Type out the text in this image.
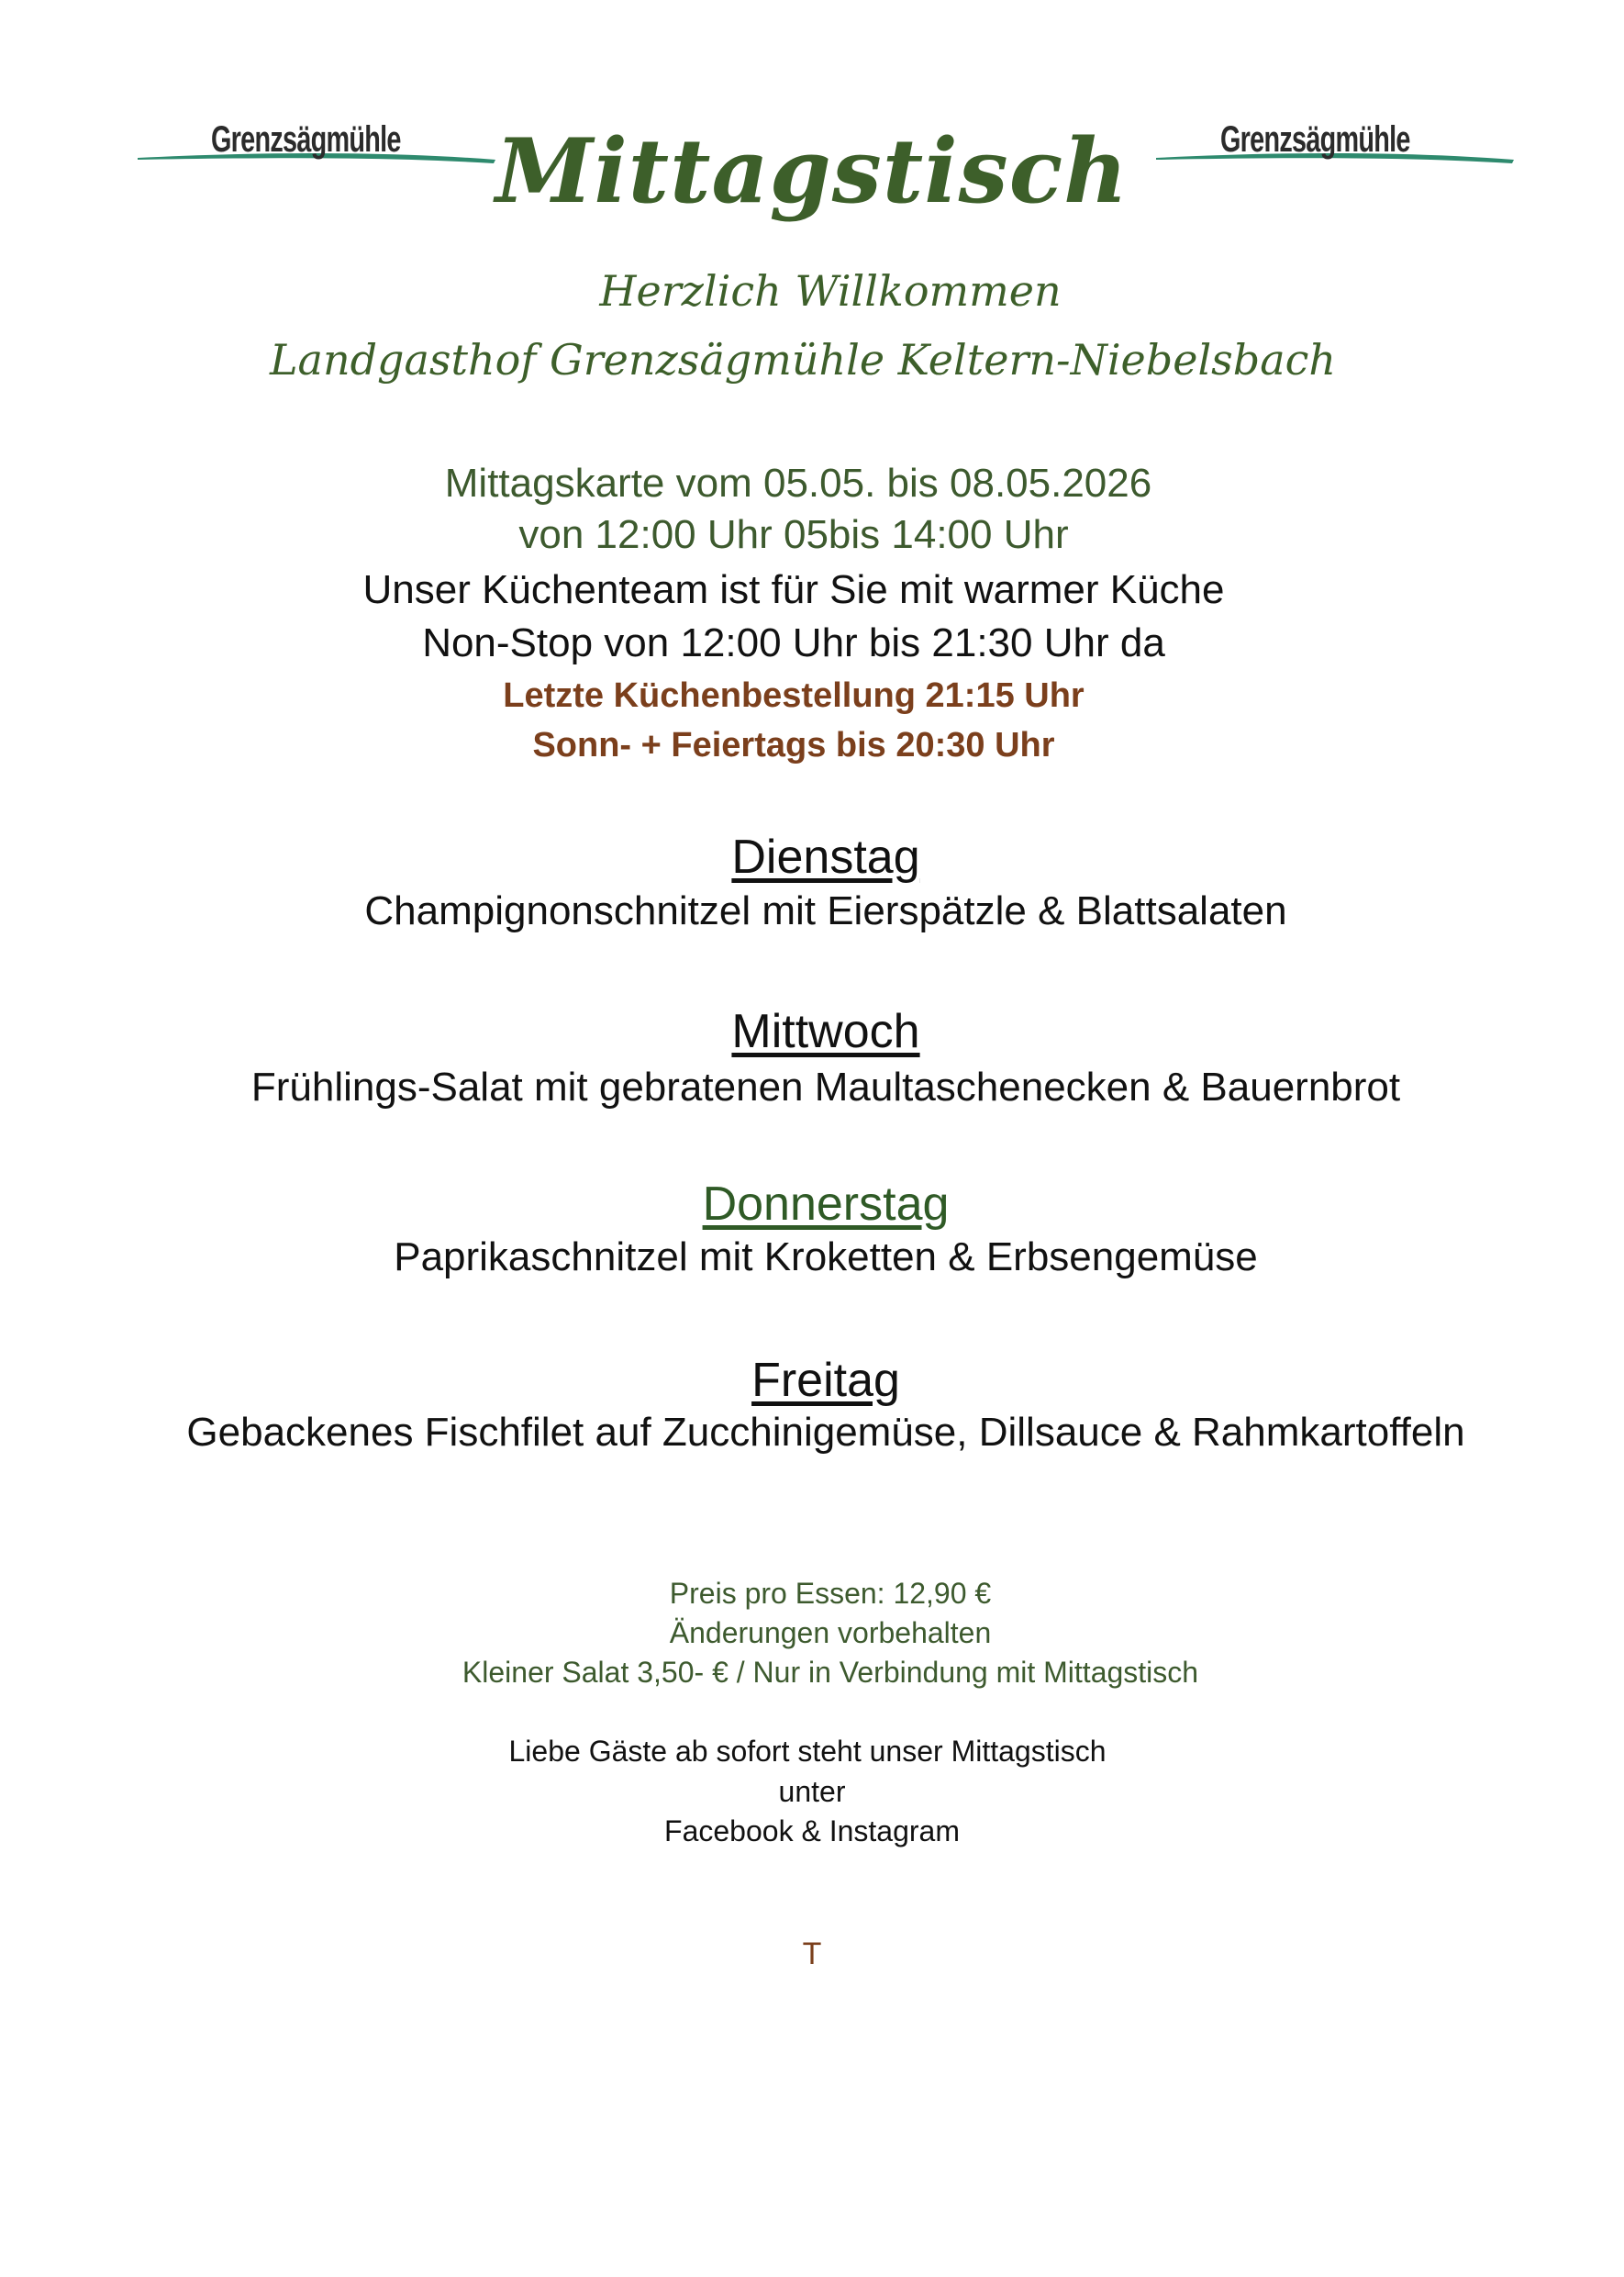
Grenzsägmühle	Grenzsägmühle
Mittagstisch
Herzlich Willkommen
Landgasthof Grenzsägmühle Keltern-Niebelsbach
Mittagskarte vom 05.05. bis 08.05.2026
von 12:00 Uhr 05bis 14:00 Uhr
Unser Küchenteam ist für Sie mit warmer Küche
Non-Stop von 12:00 Uhr bis 21:30 Uhr da
Letzte Küchenbestellung 21:15 Uhr
Sonn- + Feiertags bis 20:30 Uhr
Dienstag
Champignonschnitzel mit Eierspätzle & Blattsalaten
Mittwoch
Frühlings-Salat mit gebratenen Maultaschenecken & Bauernbrot
Donnerstag
Paprikaschnitzel mit Kroketten & Erbsengemüse
Freitag
Gebackenes Fischfilet auf Zucchinigemüse, Dillsauce & Rahmkartoffeln
Preis pro Essen: 12,90 €
Änderungen vorbehalten
Kleiner Salat 3,50- € / Nur in Verbindung mit Mittagstisch
Liebe Gäste ab sofort steht unser Mittagstisch
unter
Facebook & Instagram
T
